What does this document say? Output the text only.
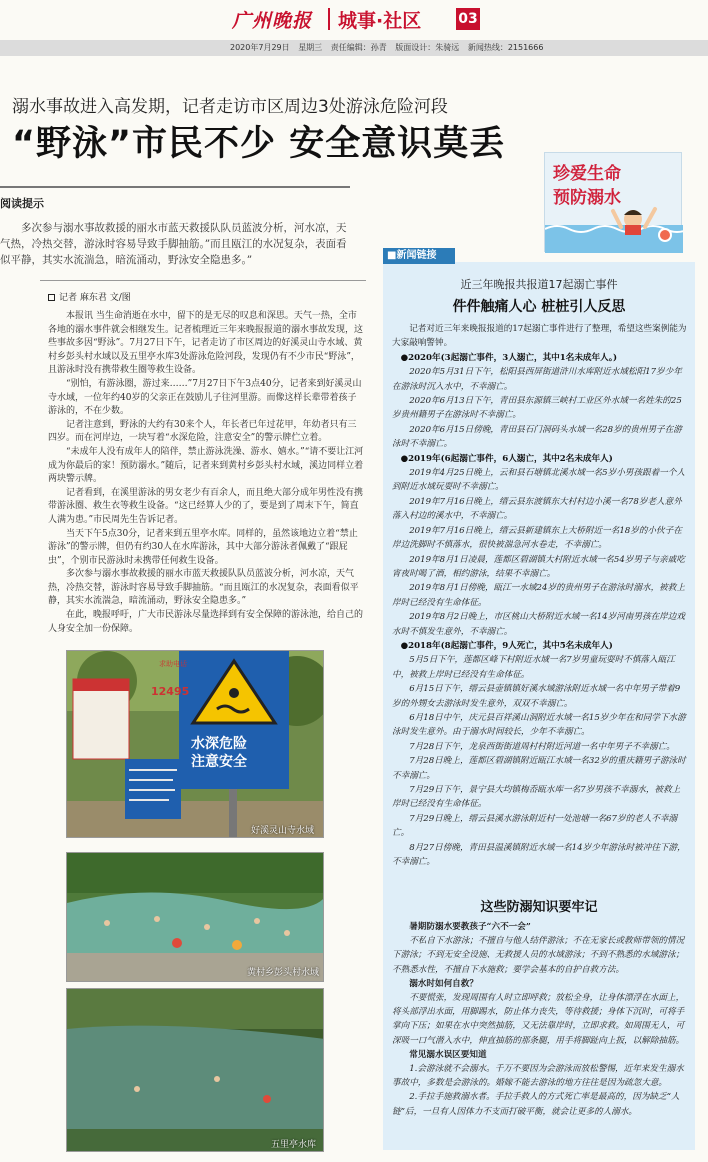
广州晚报 城事·社区	03
2020年7月29日 星期三 责任编辑：孙青 版面设计：朱骑远 新闻热线：2151666
溺水事故进入高发期，记者走访市区周边3处游泳危险河段
“野泳”市民不少 安全意识莫丢
珍爱生命
预防溺水
阅读提示
多次参与溺水事故救援的丽水市蓝天救援队队员蓝波分析，河水凉，天气热，冷热交替，游泳时容易导致手脚抽筋。”而且瓯江的水况复杂，表面看似平静，其实水流湍急，暗流涌动，野泳安全隐患多。”
记者 麻东君 文/图

本报讯 当生命消逝在水中，留下的是无尽的叹息和深思。天气一热，全市各地的溺水事件就会相继发生。记者梳理近三年来晚报报道的溺水事故发现，这些事故多因“野泳”。7月27日下午，记者走访了市区周边的好溪灵山寺水域、黄村乡彭头村水域以及五里亭水库3处游泳危险河段，发现仍有不少市民“野泳”，且游泳时没有携带救生圈等救生设备。

“别怕，有游泳圈，游过来……”7月27日下午3点40分，记者来到好溪灵山寺水域，一位年约40岁的父亲正在鼓励儿子往河里游。而像这样长辈带着孩子游泳的，不在少数。

记者注意到，野泳的大约有30来个人，年长者已年过花甲，年幼者只有三四岁。而在河岸边，一块写着“水深危险，注意安全”的警示牌伫立着。

“未成年人没有成年人的陪伴，禁止游泳洗澡、游水、嬉水。”“请不要让江河成为你最后的家！预防溺水。”随后，记者来到黄村乡彭头村水域，溪边同样立着两块警示牌。

记者看到，在溪里游泳的男女老少有百余人，而且绝大部分成年男性没有携带游泳圈、救生衣等救生设备。“这已经算人少的了，要是到了周末下午，简直人满为患。”市民周先生告诉记者。

当天下午5点30分，记者来到五里亭水库。同样的，虽然该地边立着“禁止游泳”的警示牌，但仍有约30人在水库游泳，其中大部分游泳者佩戴了“跟屁虫”，个别市民游泳时未携带任何救生设备。

多次参与溺水事故救援的丽水市蓝天救援队队员蓝波分析，河水凉，天气热，冷热交替，游泳时容易导致手脚抽筋。“而且瓯江的水况复杂，表面看似平静，其实水流湍急，暗流涌动，野泳安全隐患多。”

在此，晚报呼吁，广大市民游泳尽量选择到有安全保障的游泳池，给自己的人身安全加一份保障。

求助电话
12495
水深危险
注意安全
好溪灵山寺水域
黄村乡彭头村水域
五里亭水库
■新闻链接
近三年晚报共报道17起溺亡事件
件件触痛人心 桩桩引人反思

记者对近三年来晚报报道的17起溺亡事件进行了整理，希望这些案例能为大家敲响警钟。

●2020年(3起溺亡事件，3人溺亡，其中1名未成年人。)

2020年5月31日下午，松阳县西屏街道浒川水库附近水域松阳17岁少年在游泳时沉入水中，不幸溺亡。

2020年6月13日下午，青田县东源镇三峡村工业区外水域一名姓朱的25岁贵州籍男子在游泳时不幸溺亡。

2020年6月15日傍晚，青田县石门洞码头水域一名28岁的贵州男子在游泳时不幸溺亡。

●2019年(6起溺亡事件，6人溺亡，其中2名未成年人)

2019年4月25日晚上，云和县石塘镇北溪水域一名5岁小男孩跟着一个人到附近水域玩耍时不幸溺亡。

2019年7月16日晚上，缙云县东渡镇东大村村边小溪一名78岁老人意外落入村边的溪水中，不幸溺亡。

2019年7月16日晚上，缙云县新建镇东上大桥附近一名18岁的小伙子在岸边洗脚时不慎落水，很快被湍急河水卷走，不幸溺亡。

2019年8月1日凌晨，莲都区碧湖镇大村附近水域一名54岁男子与亲戚吃宵夜时喝了酒，相约游泳，结果不幸溺亡。

2019年8月1日傍晚，瓯江一水域24岁的贵州男子在游泳时溺水，被救上岸时已经没有生命体征。

2019年8月2日晚上，市区桃山大桥附近水域一名14岁河南男孩在岸边戏水时不慎发生意外，不幸溺亡。

●2018年(8起溺亡事件，9人死亡，其中5名未成年人)

5月5日下午，莲都区峰下村附近水域一名7岁男童玩耍时不慎落入瓯江中，被救上岸时已经没有生命体征。

6月15日下午，缙云县壶镇镇好溪水域游泳附近水域一名中年男子带着9岁的外甥女去游泳时发生意外，双双不幸溺亡。

6月18日中午，庆元县百祥溪山洞附近水域一名15岁少年在和同学下水游泳时发生意外。由于溺水时间较长，少年不幸溺亡。

7月28日下午，龙泉西街街道周村村附近河道一名中年男子不幸溺亡。

7月28日晚上，莲都区碧湖镇附近瓯江水域一名32岁的重庆籍男子游泳时不幸溺亡。

7月29日下午，景宁县大均镇梅岙瓯水库一名7岁男孩不幸溺水，被救上岸时已经没有生命体征。

7月29日晚上，缙云县溪水游泳附近村一处池塘一名67岁的老人不幸溺亡。

8月27日傍晚，青田县温溪镇附近水域一名14岁少年游泳时被冲往下游，不幸溺亡。

这些防溺知识要牢记

暑期防溺水要教孩子“六不一会”

不私自下水游泳；不擅自与他人结伴游泳；不在无家长或教师带领的情况下游泳；不到无安全设施、无救援人员的水域游泳；不到不熟悉的水域游泳；不熟悉水性，不擅自下水施救；要学会基本的自护自救方法。

溺水时如何自救？

不要慌张，发现周围有人时立即呼救；放松全身，让身体漂浮在水面上，将头部浮出水面，用脚踢水，防止体力丧失，等待救援；身体下沉时，可将手掌向下压；如果在水中突然抽筋，又无法靠岸时，立即求救。如周围无人，可深吸一口气潜入水中，伸直抽筋的那条腿，用手将脚趾向上扳，以解除抽筋。

常见溺水误区要知道

1.会游泳就不会溺水。千万不要因为会游泳而放松警惕，近年来发生溺水事故中，多数是会游泳的。婚嫁不能去游泳的地方往往是因为疏忽大意。

2.手拉手施救溺水者。手拉手救人的方式死亡率是最高的，因为缺乏“人链”后，一旦有人因体力不支而打破平衡，就会让更多的人溺水。
